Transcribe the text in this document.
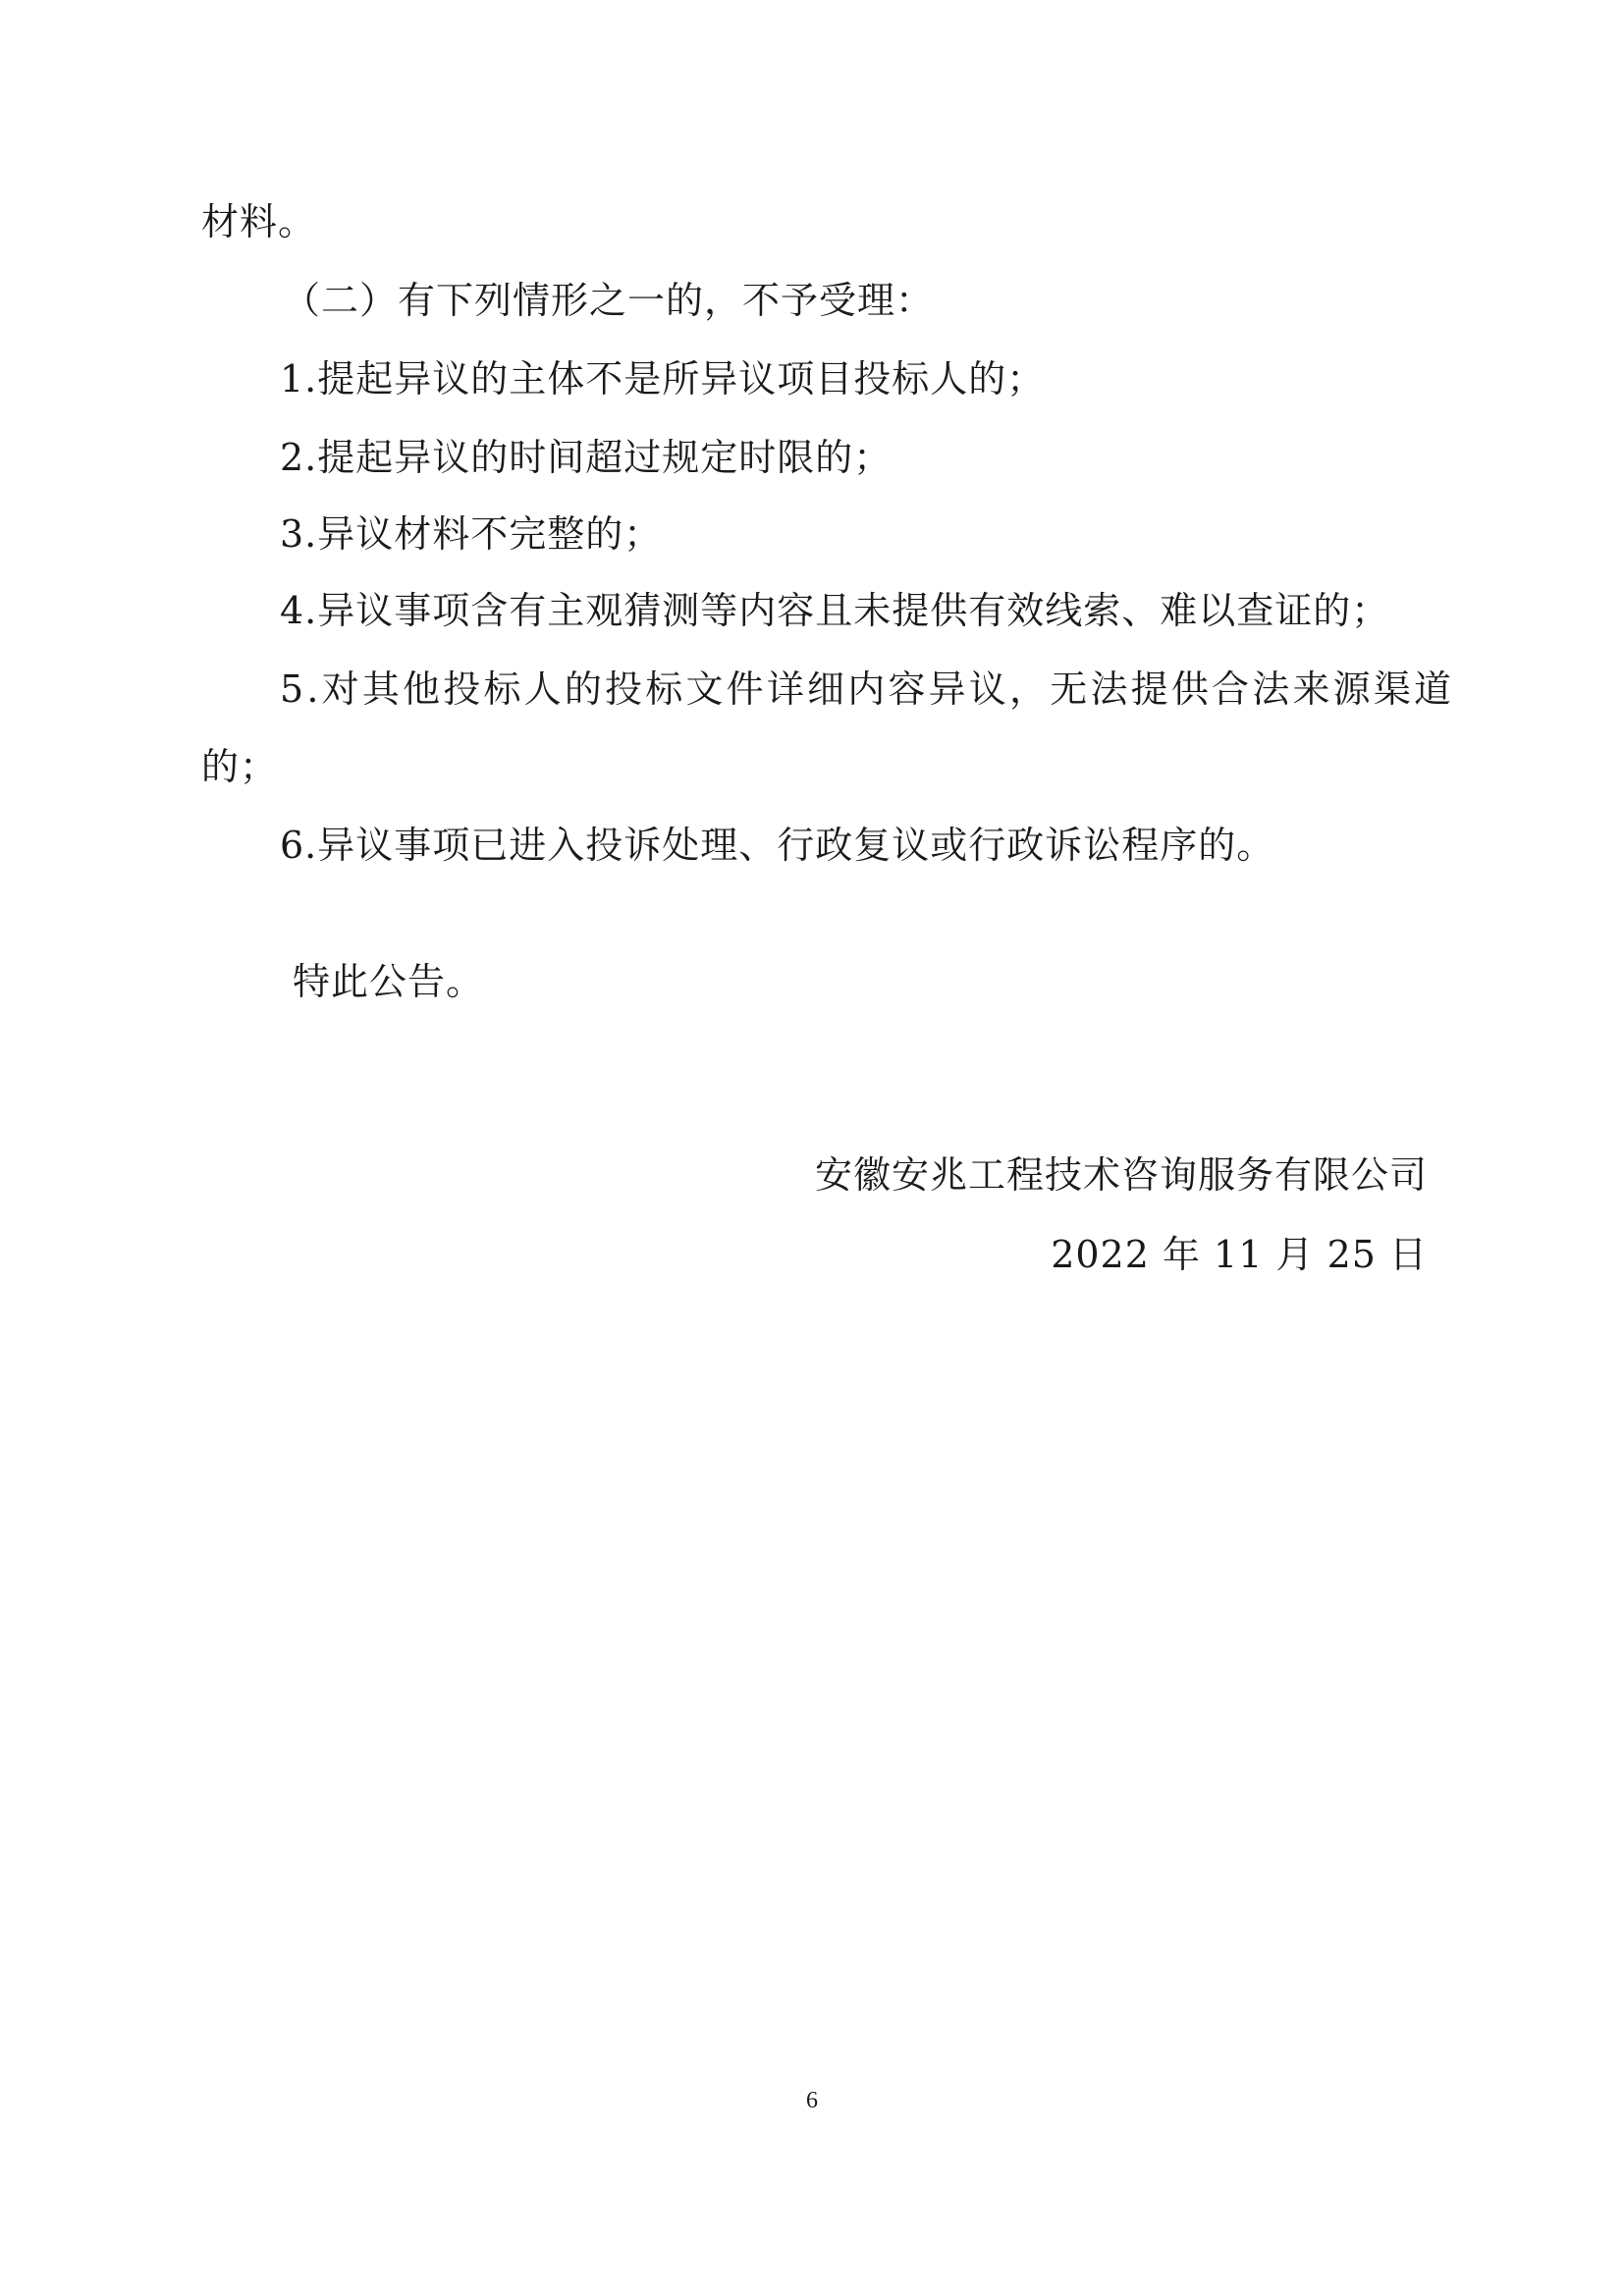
材料。
（二）有下列情形之一的，不予受理：
1.提起异议的主体不是所异议项目投标人的；
2.提起异议的时间超过规定时限的；
3.异议材料不完整的；
4.异议事项含有主观猜测等内容且未提供有效线索、难以查证的；
5.对其他投标人的投标文件详细内容异议，无法提供合法来源渠道
的；
6.异议事项已进入投诉处理、行政复议或行政诉讼程序的。
特此公告。
安徽安兆工程技术咨询服务有限公司
2022 年 11 月 25 日
6
